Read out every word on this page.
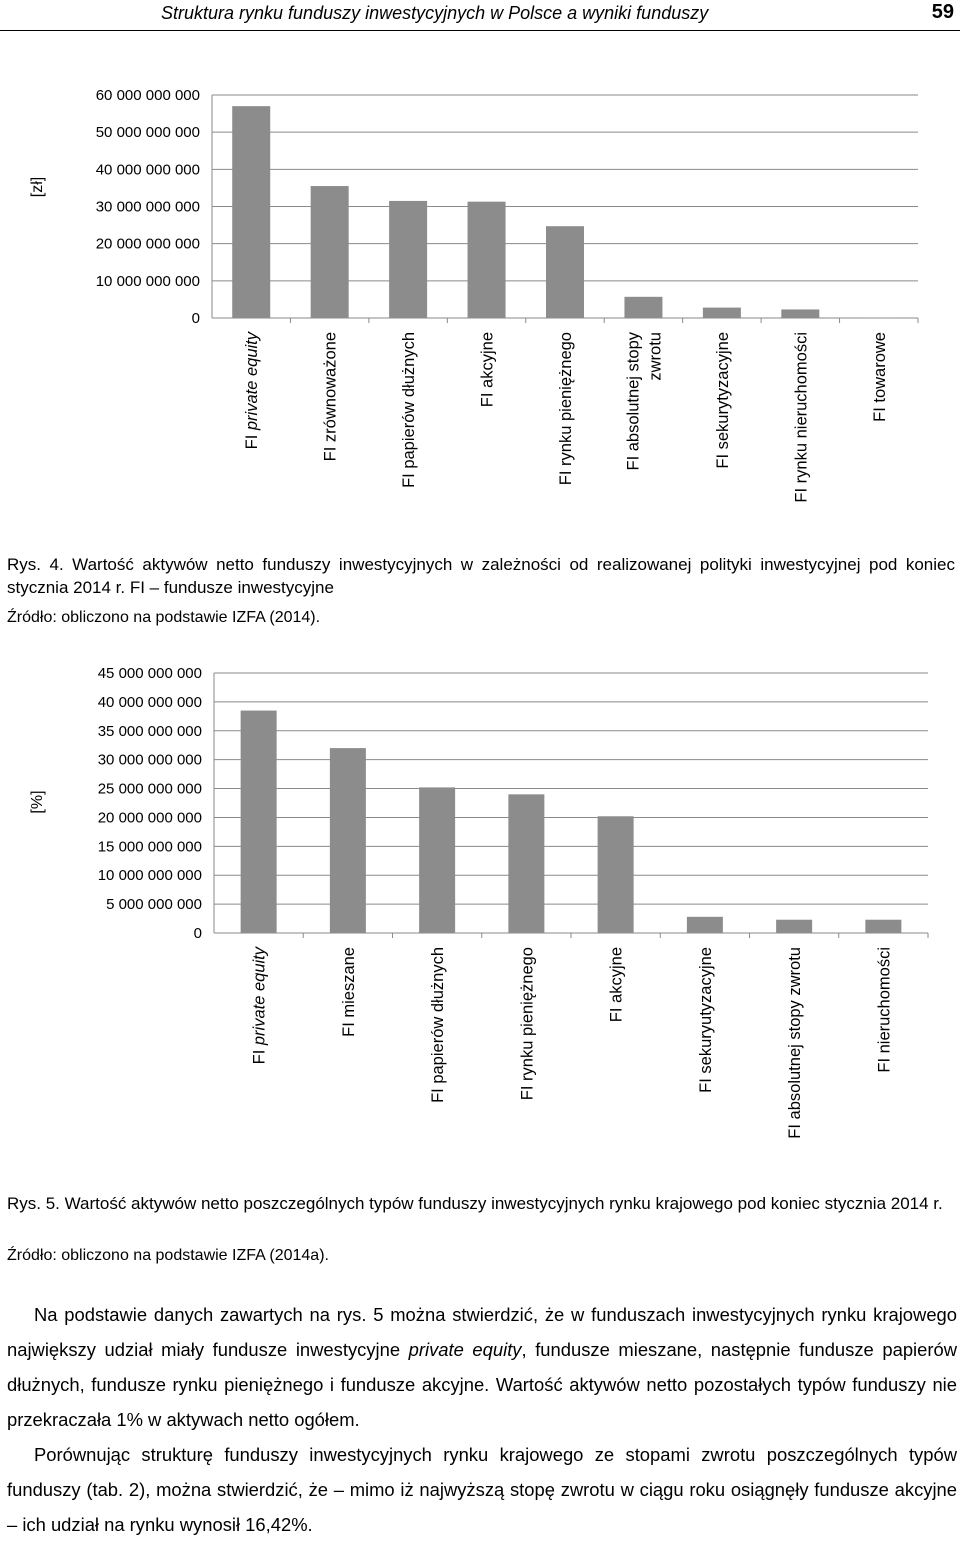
Struktura rynku funduszy inwestycyjnych w Polsce a wyniki funduszy	59
0
10 000 000 000
20 000 000 000
30 000 000 000
40 000 000 000
50 000 000 000
60 000 000 000
FI private equity	FI zrównoważone	FI papierów dłużnych	FI akcyjne	FI rynku pieniężnego	FI absolutnej stopy zwrotu	FI sekurytyzacyjne	FI rynku nieruchomości	FI towarowe
[zł]
Rys. 4. Wartość aktywów netto funduszy inwestycyjnych w zależności od realizowanej polityki inwestycyjnej pod koniec stycznia 2014 r. FI – fundusze inwestycyjne
Źródło: obliczono na podstawie IZFA (2014).
0
5 000 000 000
10 000 000 000
15 000 000 000
20 000 000 000
25 000 000 000
30 000 000 000
35 000 000 000
40 000 000 000
45 000 000 000
FI private equity	FI mieszane	FI papierów dłużnych	FI rynku pieniężnego	FI akcyjne	FI sekuryutyzacyjne	FI absolutnej stopy zwrotu	FI nieruchomości
[%]
Rys. 5. Wartość aktywów netto poszczególnych typów funduszy inwestycyjnych rynku krajowego pod koniec stycznia 2014 r.
Źródło: obliczono na podstawie IZFA (2014a).
Na podstawie danych zawartych na rys. 5 można stwierdzić, że w funduszach inwestycyjnych rynku krajowego największy udział miały fundusze inwestycyjne private equity, fundusze mieszane, następnie fundusze papierów dłużnych, fundusze rynku pieniężnego i fundusze akcyjne. Wartość aktywów netto pozostałych typów funduszy nie przekraczała 1% w aktywach netto ogółem.
Porównując strukturę funduszy inwestycyjnych rynku krajowego ze stopami zwrotu poszczególnych typów funduszy (tab. 2), można stwierdzić, że – mimo iż najwyższą stopę zwrotu w ciągu roku osiągnęły fundusze akcyjne – ich udział na rynku wynosił 16,42%.
